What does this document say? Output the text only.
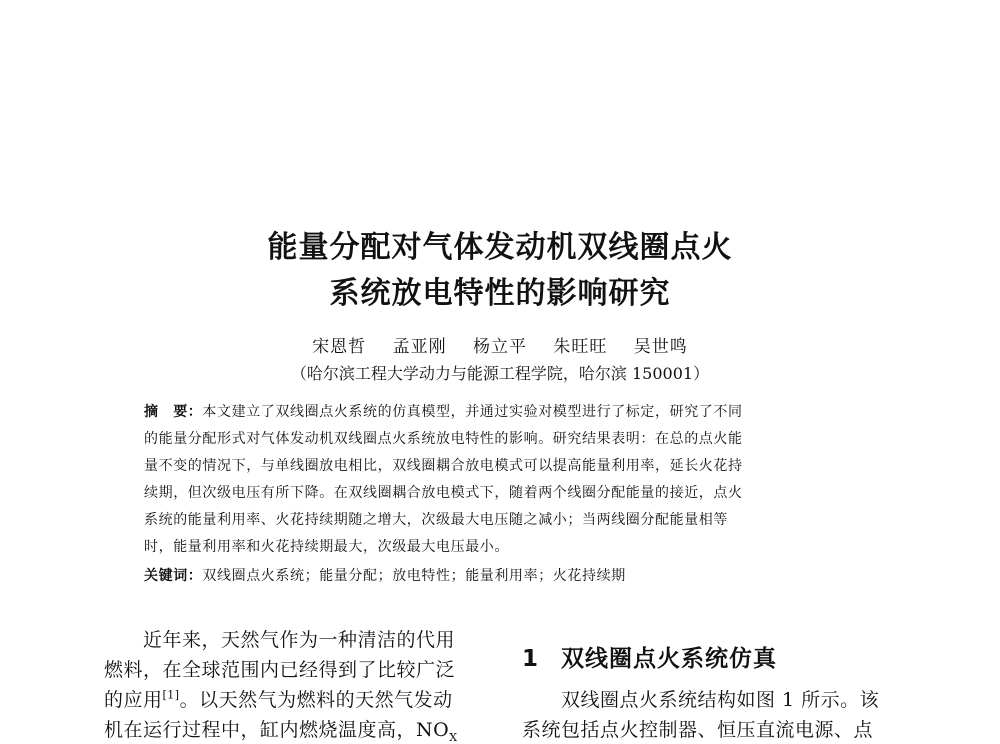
能量分配对气体发动机双线圈点火
系统放电特性的影响研究
宋恩哲 孟亚刚 杨立平 朱旺旺 吴世鸣
（哈尔滨工程大学动力与能源工程学院，哈尔滨 150001）
摘　要：本文建立了双线圈点火系统的仿真模型，并通过实验对模型进行了标定，研究了不同
的能量分配形式对气体发动机双线圈点火系统放电特性的影响。研究结果表明：在总的点火能
量不变的情况下，与单线圈放电相比，双线圈耦合放电模式可以提高能量利用率，延长火花持
续期，但次级电压有所下降。在双线圈耦合放电模式下，随着两个线圈分配能量的接近，点火
系统的能量利用率、火花持续期随之增大，次级最大电压随之减小；当两线圈分配能量相等
时，能量利用率和火花持续期最大，次级最大电压最小。
关键词：双线圈点火系统；能量分配；放电特性；能量利用率；火花持续期
近年来，天然气作为一种清洁的代用
燃料，在全球范围内已经得到了比较广泛
的应用[1]。以天然气为燃料的天然气发动
机在运行过程中，缸内燃烧温度高，$NO_X$
1 双线圈点火系统仿真
双线圈点火系统结构如图 1 所示。该
系统包括点火控制器、恒压直流电源、点
